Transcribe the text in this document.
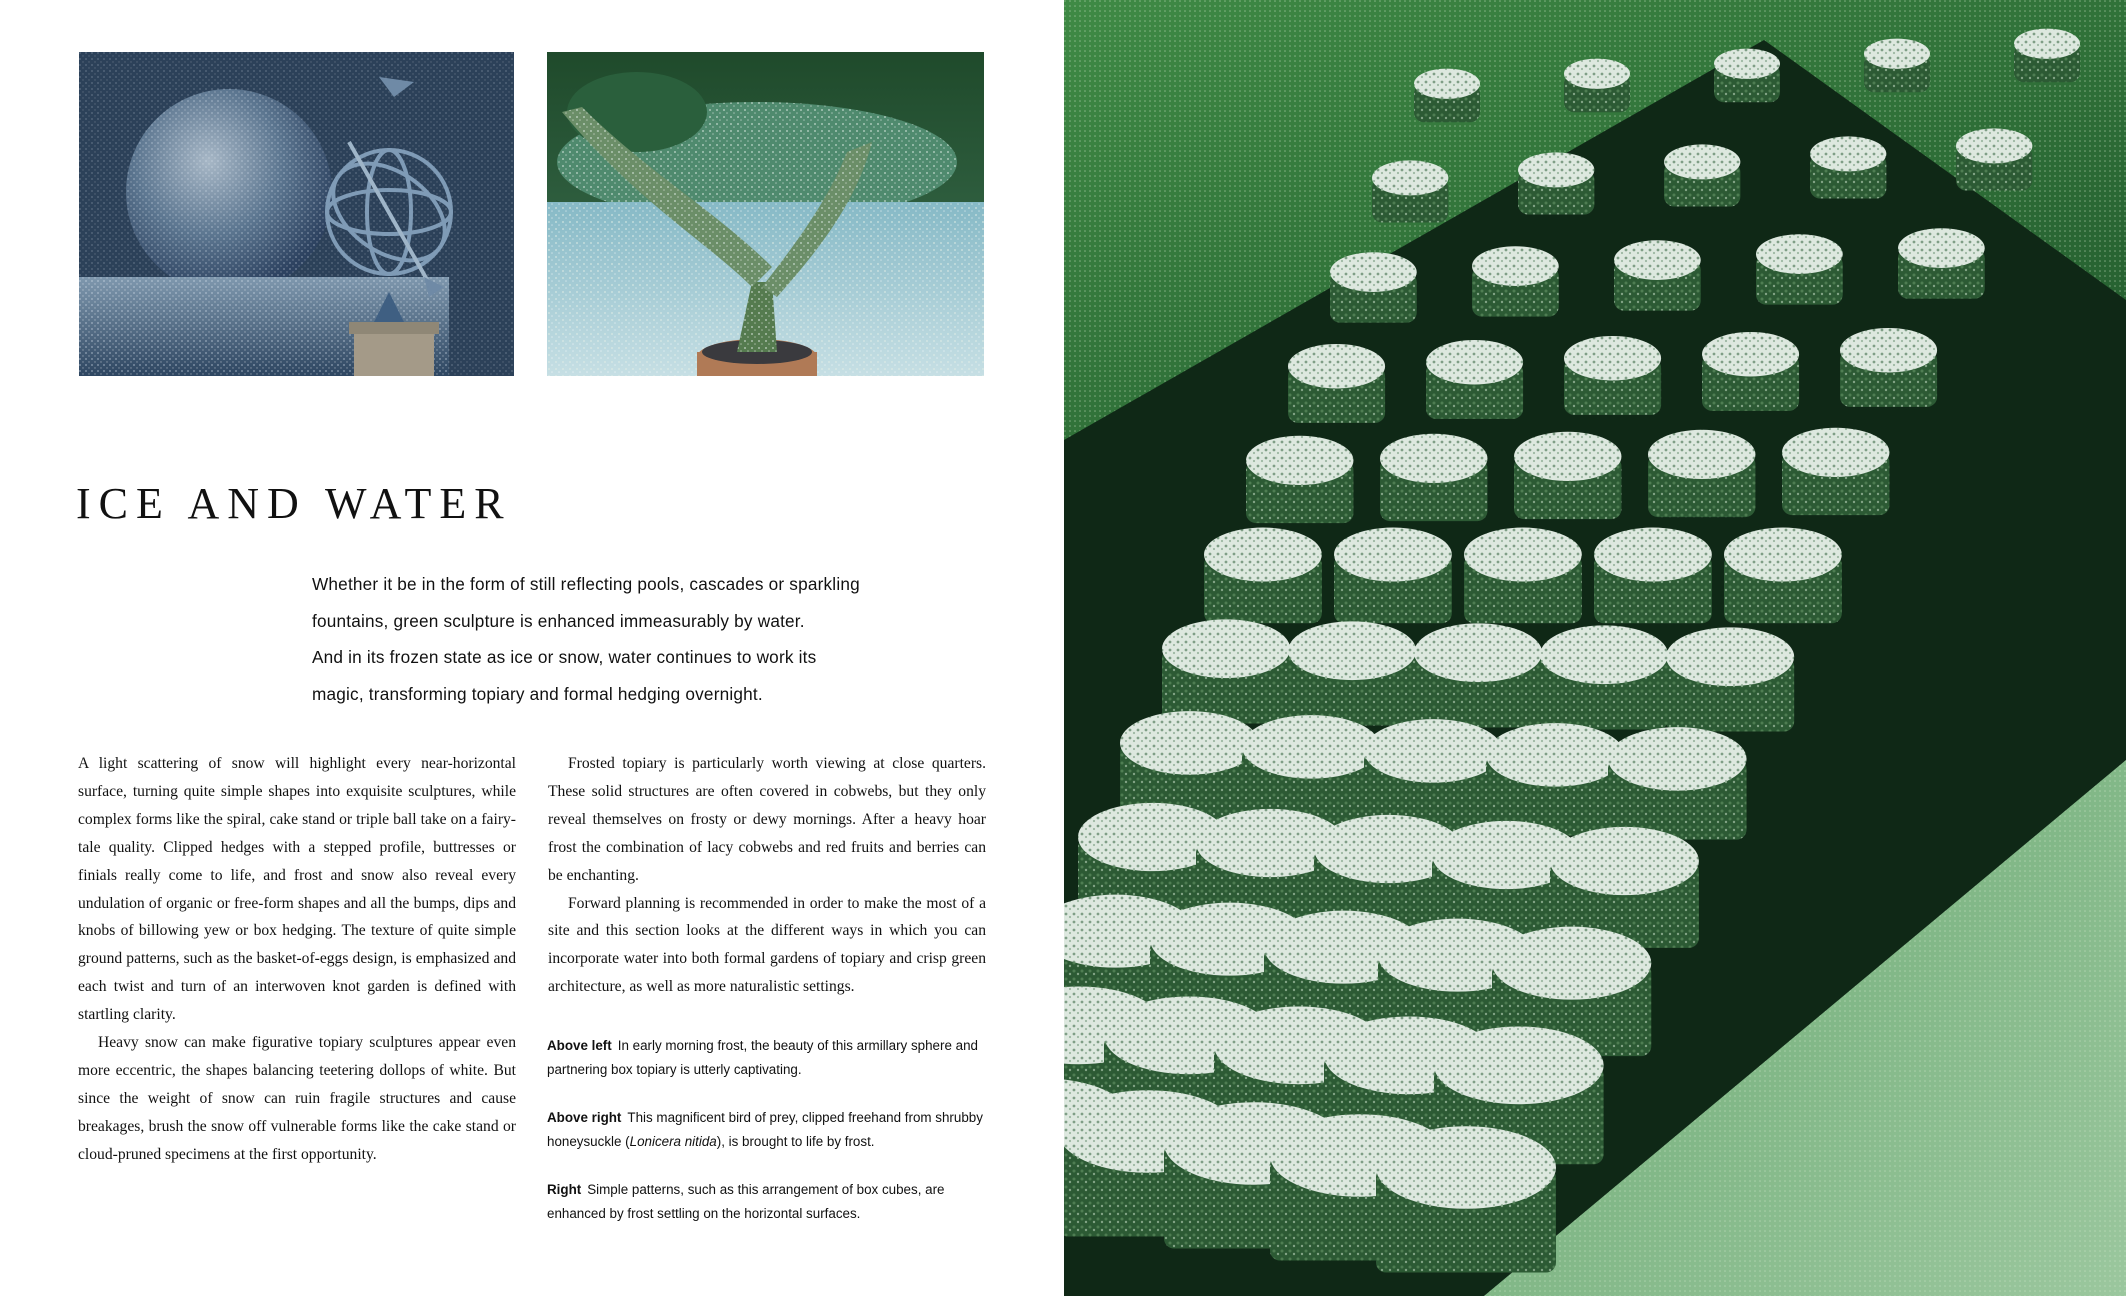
ICE AND WATER

Whether it be in the form of still reflecting pools, cascades or sparkling

fountains, green sculpture is enhanced immeasurably by water.

And in its frozen state as ice or snow, water continues to work its

magic, transforming topiary and formal hedging overnight.

A light scattering of snow will highlight every near-horizontal surface, turning quite simple shapes into exquisite sculptures, while complex forms like the spiral, cake stand or triple ball take on a fairy-tale quality. Clipped hedges with a stepped profile, buttresses or finials really come to life, and frost and snow also reveal every undulation of organic or free-form shapes and all the bumps, dips and knobs of billowing yew or box hedging. The texture of quite simple ground patterns, such as the basket-of-eggs design, is emphasized and each twist and turn of an interwoven knot garden is defined with startling clarity.

Heavy snow can make figurative topiary sculptures appear even more eccentric, the shapes balancing teetering dollops of white. But since the weight of snow can ruin fragile structures and cause breakages, brush the snow off vulnerable forms like the cake stand or cloud-pruned specimens at the first opportunity.

Frosted topiary is particularly worth viewing at close quarters. These solid structures are often covered in cobwebs, but they only reveal themselves on frosty or dewy mornings. After a heavy hoar frost the combination of lacy cobwebs and red fruits and berries can be enchanting.

Forward planning is recommended in order to make the most of a site and this section looks at the different ways in which you can incorporate water into both formal gardens of topiary and crisp green architecture, as well as more naturalistic settings.

Above left In early morning frost, the beauty of this armillary sphere and partnering box topiary is utterly captivating.
Above right This magnificent bird of prey, clipped freehand from shrubby honeysuckle (Lonicera nitida), is brought to life by frost.
Right Simple patterns, such as this arrangement of box cubes, are enhanced by frost settling on the horizontal surfaces.
